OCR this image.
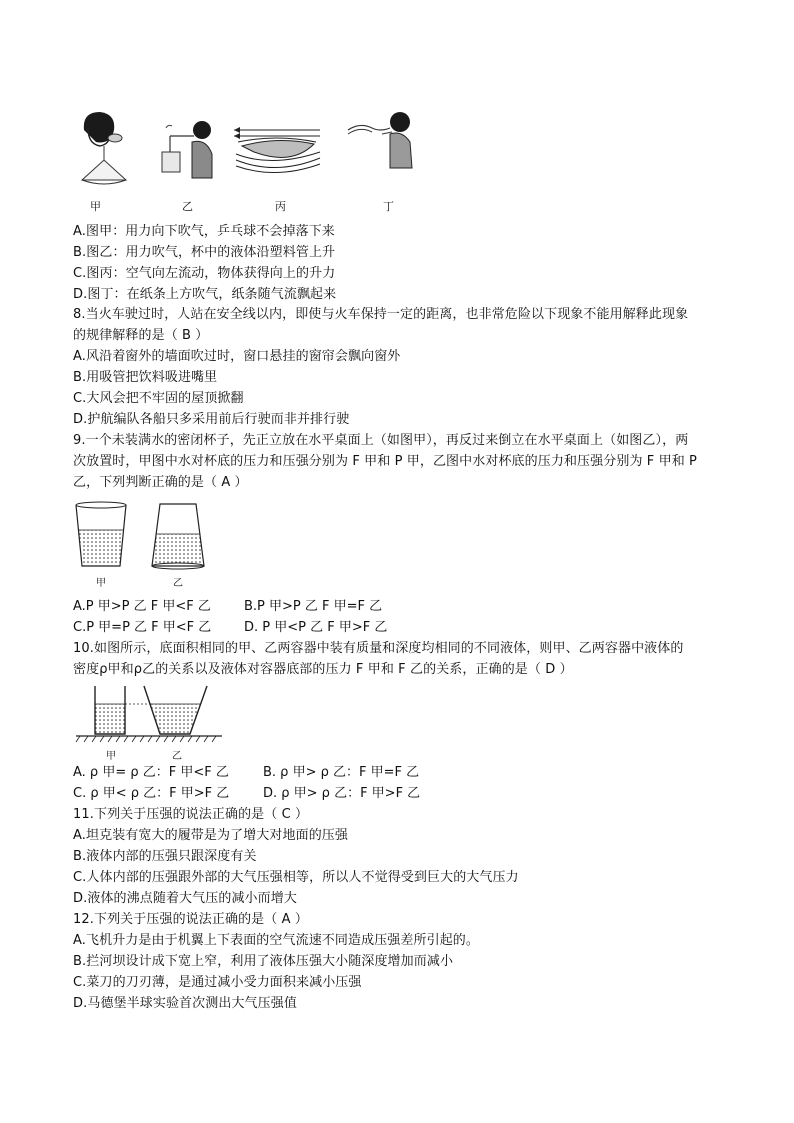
甲	乙	丙	丁
A.图甲：用力向下吹气，乒乓球不会掉落下来
B.图乙：用力吹气，杯中的液体沿塑料管上升
C.图丙：空气向左流动，物体获得向上的升力
D.图丁：在纸条上方吹气，纸条随气流飘起来
8.当火车驶过时，人站在安全线以内，即使与火车保持一定的距离，也非常危险以下现象不能用解释此现象
的规律解释的是（ B ）
A.风沿着窗外的墙面吹过时，窗口悬挂的窗帘会飘向窗外
B.用吸管把饮料吸进嘴里
C.大风会把不牢固的屋顶掀翻
D.护航编队各船只多采用前后行驶而非并排行驶
9.一个未装满水的密闭杯子，先正立放在水平桌面上（如图甲），再反过来倒立在水平桌面上（如图乙），两
次放置时，甲图中水对杯底的压力和压强分别为 F 甲和 P 甲，乙图中水对杯底的压力和压强分别为 F 甲和 P
乙，下列判断正确的是（ A ）
甲	乙
A.P 甲>P 乙 F 甲<F 乙	B.P 甲>P 乙 F 甲=F 乙
C.P 甲=P 乙 F 甲<F 乙	D. P 甲<P 乙 F 甲>F 乙
10.如图所示，底面积相同的甲、乙两容器中装有质量和深度均相同的不同液体，则甲、乙两容器中液体的
密度ρ甲和ρ乙的关系以及液体对容器底部的压力 F 甲和 F 乙的关系，正确的是（ D ）
甲	乙
A. ρ 甲= ρ 乙：F 甲<F 乙	B. ρ 甲> ρ 乙：F 甲=F 乙
C. ρ 甲< ρ 乙：F 甲>F 乙	D. ρ 甲> ρ 乙：F 甲>F 乙
11.下列关于压强的说法正确的是（ C ）
A.坦克装有宽大的履带是为了增大对地面的压强
B.液体内部的压强只跟深度有关
C.人体内部的压强跟外部的大气压强相等，所以人不觉得受到巨大的大气压力
D.液体的沸点随着大气压的减小而增大
12.下列关于压强的说法正确的是（ A ）
A.飞机升力是由于机翼上下表面的空气流速不同造成压强差所引起的。
B.拦河坝设计成下宽上窄，利用了液体压强大小随深度增加而减小
C.菜刀的刀刃薄，是通过减小受力面积来减小压强
D.马德堡半球实验首次测出大气压强值
